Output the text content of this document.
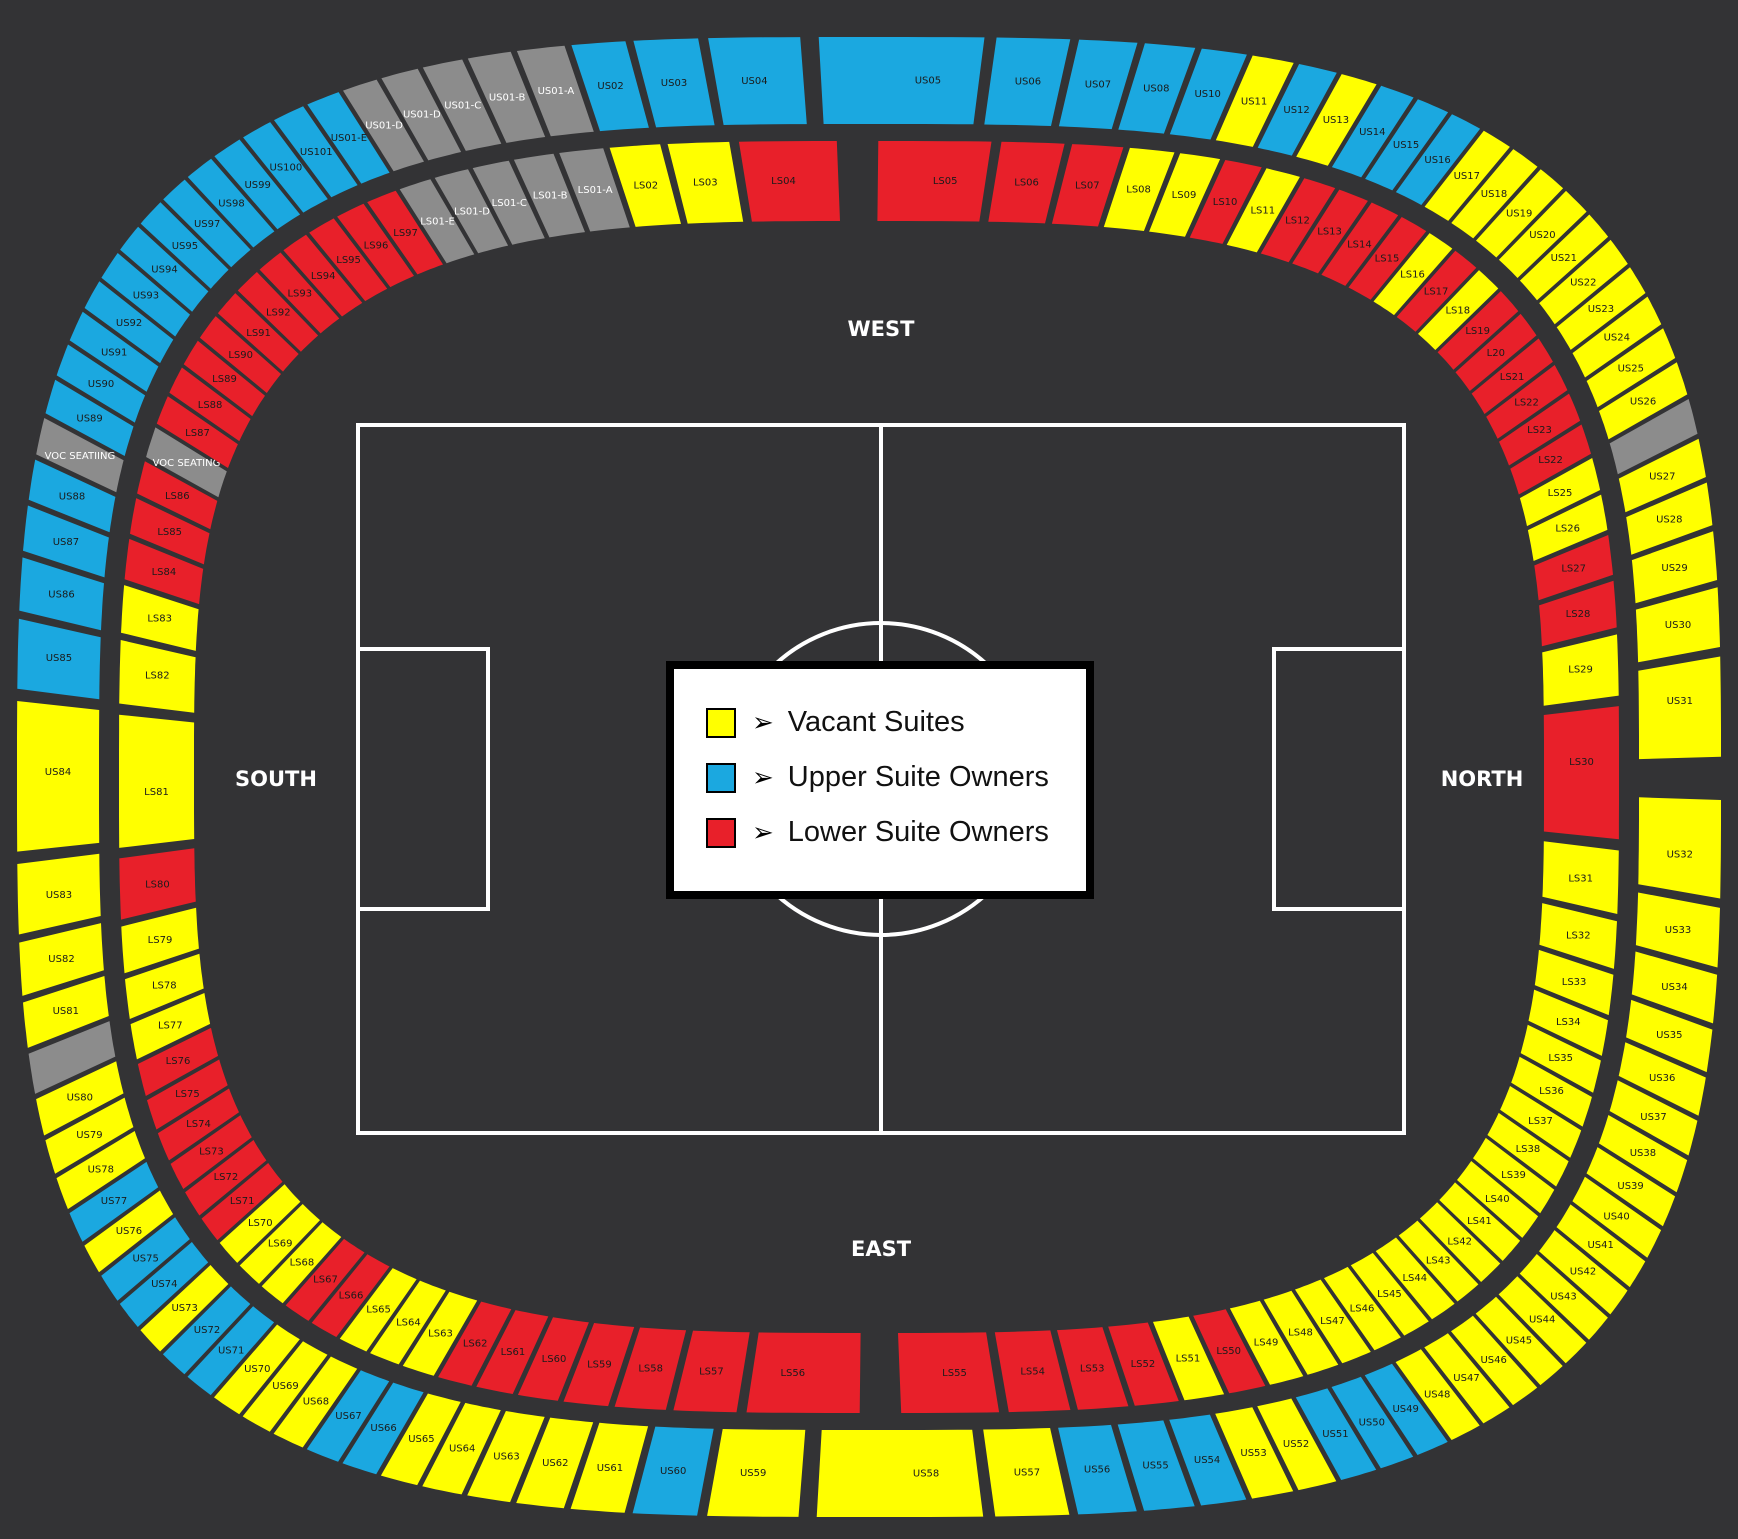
US01-A US02	US03	US04	US05	US06	US07	US08
US10
US11
US12
US13
US14
US15
US16
US17
US18
US19
US20
US21
US22
US23
US24
US25
US26
US27
US28
US29
US30
US31
US32
US33
US34
US35
US36
US37
US38
US39
US40
US41
US42
US43
US44
US45
US46
US47
US48
US49
US50
US51
US52
US53
US54
US55
US56
US57
US58
US59
US60
US61
US62
US63
US64
US65
US66
US67
US68
US69
US70
US71
US72
US73
US74
US75
US76
US77
US78
US79
US80
US81
US82
US83
US84
US85
US86
US87
US88
VOC SEATIING
US89
US90
US91
US92
US93
US94
US95
US97
US98
US99
US100
US101
US01-E
US01-D
US01-D
US01-C
US01-B
LS01-A LS02	LS03	LS04	LS05	LS06	LS07	LS08
LS09
LS10
LS11
LS12
LS13
LS14
LS15
LS16
LS17
LS18
LS19
L20
LS21
LS22
LS23
LS22
LS25
LS26
LS27
LS28
LS29
LS30
LS31
LS32
LS33
LS34
LS35
LS36
LS37
LS38
LS39
LS40
LS41
LS42
LS43
LS44
LS45
LS46
LS47
LS48
LS49
LS50
LS51
LS52
LS53
LS54
LS55
LS56
LS57
LS58
LS59
LS60
LS61
LS62
LS63
LS64
LS65
LS66
LS67
LS68
LS69
LS70
LS71
LS72
LS73
LS74
LS75
LS76
LS77
LS78
LS79
LS80
LS81
LS82
LS83
LS84
LS85
LS86
VOC SEATING
LS87
LS88
LS89
LS90
LS91
LS92
LS93
LS94
LS95
LS96
LS97
LS01-E
LS01-D
LS01-C
LS01-B
WEST
EAST
SOUTH	NORTH
➢ Vacant Suites
➢ Upper Suite Owners
➢ Lower Suite Owners
